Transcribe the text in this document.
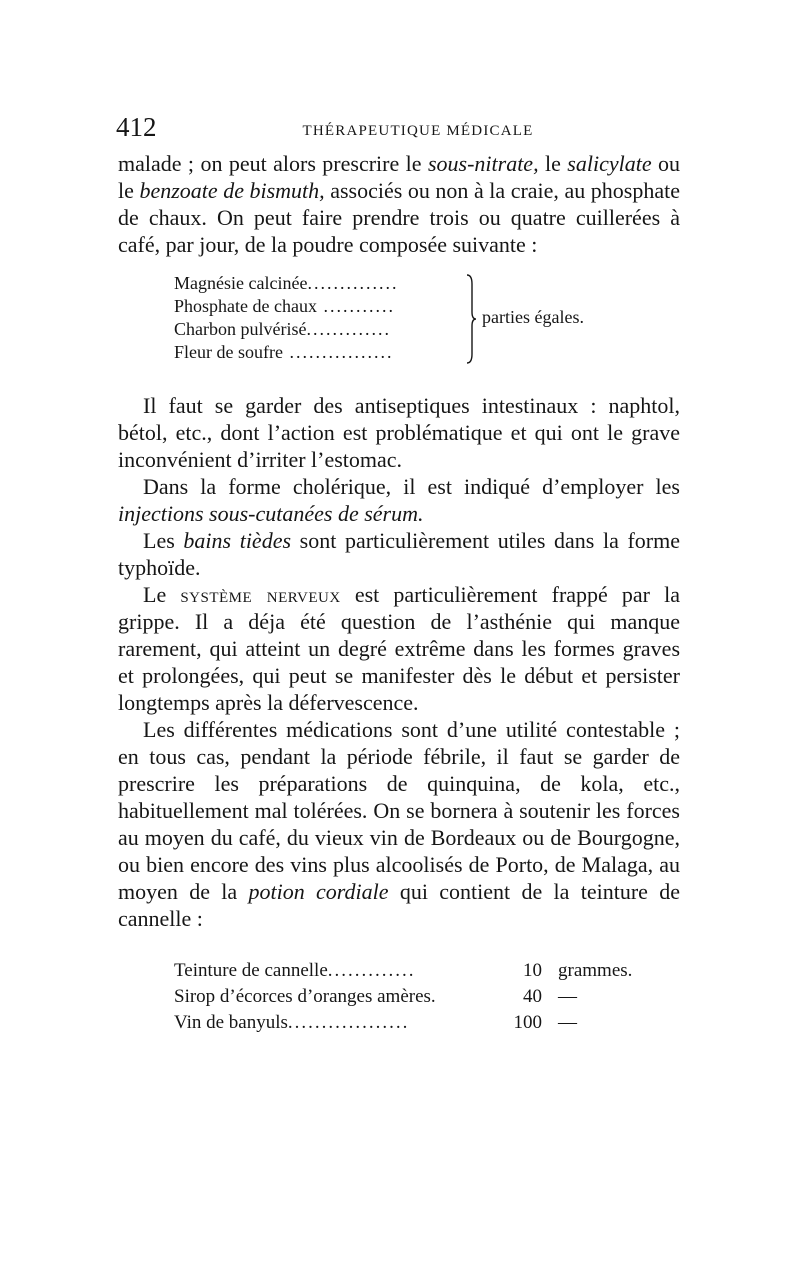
412	THÉRAPEUTIQUE MÉDICALE

malade ; on peut alors prescrire le sous-nitrate, le salicylate ou le benzoate de bismuth, associés ou non à la craie, au phosphate de chaux. On peut faire prendre trois ou quatre cuillerées à café, par jour, de la poudre composée suivante :

Magnésie calcinée..............
Phosphate de chaux ...........
Charbon pulvérisé.............
Fleur de soufre ................
parties égales.

Il faut se garder des antiseptiques intestinaux : naphtol, bétol, etc., dont l’action est problématique et qui ont le grave inconvénient d’irriter l’estomac.

Dans la forme cholérique, il est indiqué d’employer les injections sous-cutanées de sérum.

Les bains tièdes sont particulièrement utiles dans la forme typhoïde.

Le système nerveux est particulièrement frappé par la grippe. Il a déja été question de l’asthénie qui manque rarement, qui atteint un degré extrême dans les formes graves et prolongées, qui peut se manifester dès le début et persister longtemps après la défervescence.

Les différentes médications sont d’une utilité contestable ; en tous cas, pendant la période fébrile, il faut se garder de prescrire les préparations de quinquina, de kola, etc., habituellement mal tolérées. On se bornera à soutenir les forces au moyen du café, du vieux vin de Bordeaux ou de Bourgogne, ou bien encore des vins plus alcoolisés de Porto, de Malaga, au moyen de la potion cordiale qui contient de la teinture de cannelle :

Teinture de cannelle.............	10 grammes.
Sirop d’écorces d’oranges amères.	40 —
Vin de banyuls..................	100 —
